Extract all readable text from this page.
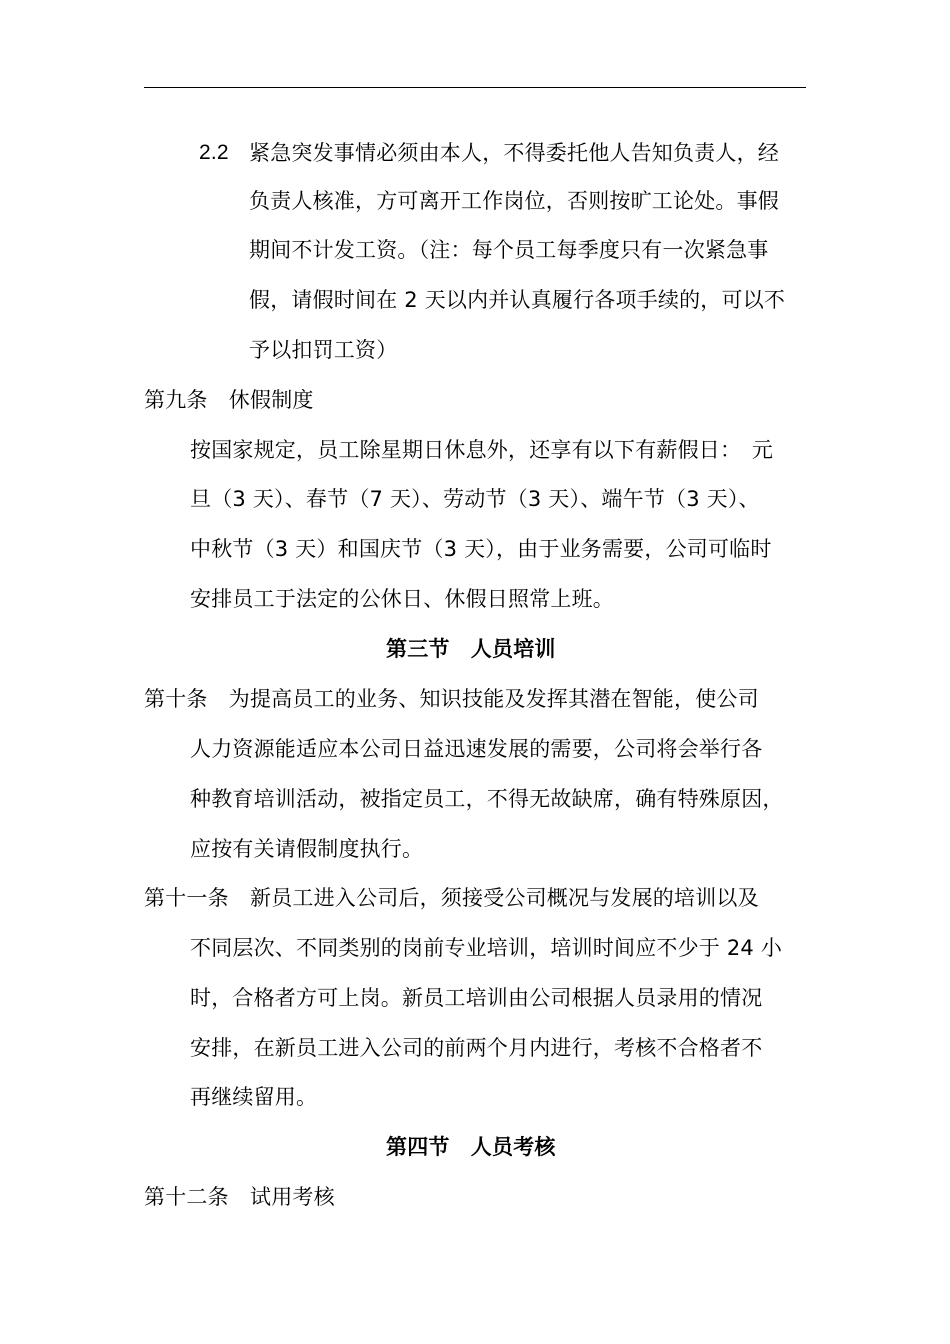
2.2 紧急突发事情必须由本人，不得委托他人告知负责人，经
负责人核准，方可离开工作岗位，否则按旷工论处。事假
期间不计发工资。（注：每个员工每季度只有一次紧急事
假，请假时间在 2 天以内并认真履行各项手续的，可以不
予以扣罚工资）
第九条　休假制度
按国家规定，员工除星期日休息外，还享有以下有薪假日：　元
旦（3 天）、春节（7 天）、劳动节（3 天）、端午节（3 天）、
中秋节（3 天）和国庆节（3 天），由于业务需要，公司可临时
安排员工于法定的公休日、休假日照常上班。
第三节　人员培训
第十条　为提高员工的业务、知识技能及发挥其潜在智能，使公司
人力资源能适应本公司日益迅速发展的需要，公司将会举行各
种教育培训活动，被指定员工，不得无故缺席，确有特殊原因，
应按有关请假制度执行。
第十一条　新员工进入公司后，须接受公司概况与发展的培训以及
不同层次、不同类别的岗前专业培训，培训时间应不少于 24 小
时，合格者方可上岗。新员工培训由公司根据人员录用的情况
安排，在新员工进入公司的前两个月内进行，考核不合格者不
再继续留用。
第四节　人员考核
第十二条　试用考核
